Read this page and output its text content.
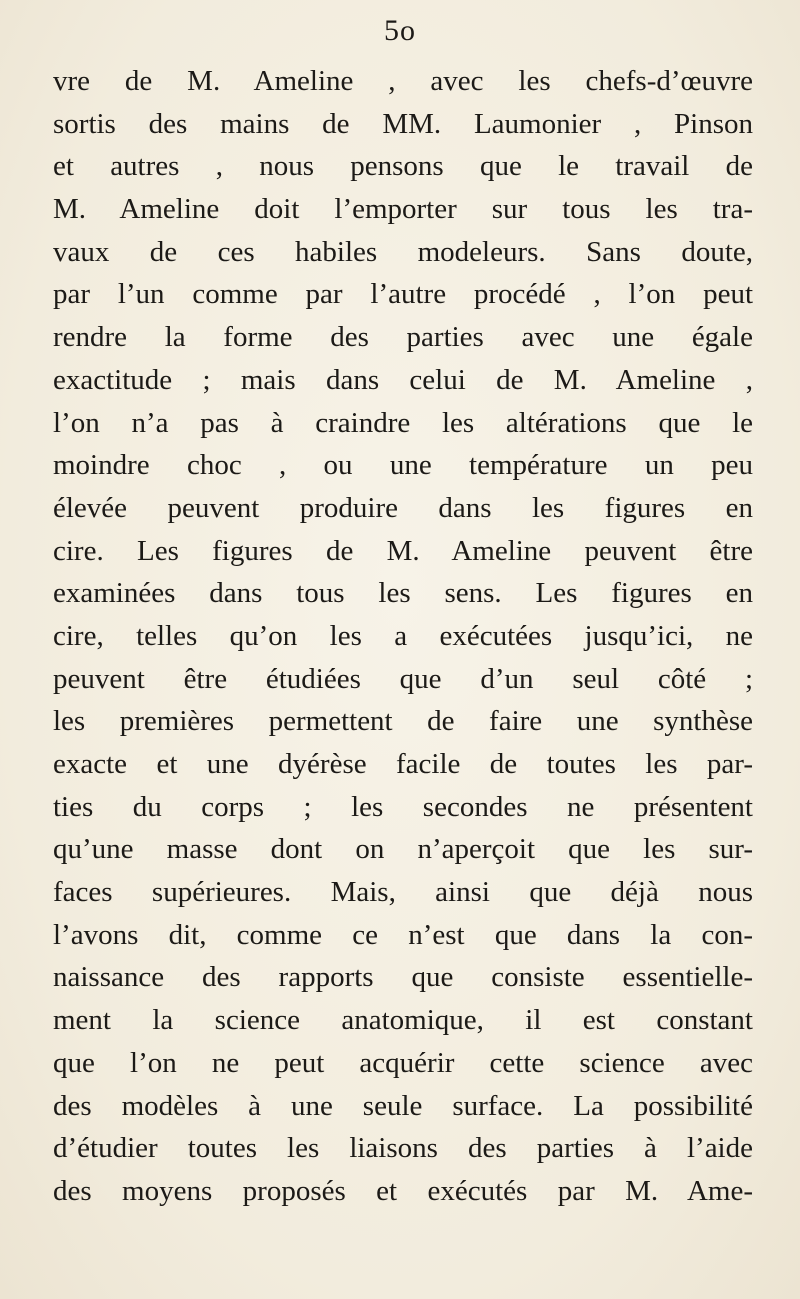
5o
vre de M. Ameline , avec les chefs-d’œuvre
sortis des mains de MM. Laumonier , Pinson
et autres , nous pensons que le travail de
M. Ameline doit l’emporter sur tous les tra-
vaux de ces habiles modeleurs. Sans doute,
par l’un comme par l’autre procédé , l’on peut
rendre la forme des parties avec une égale
exactitude ; mais dans celui de M. Ameline ,
l’on n’a pas à craindre les altérations que le
moindre choc , ou une température un peu
élevée peuvent produire dans les figures en
cire. Les figures de M. Ameline peuvent être
examinées dans tous les sens. Les figures en
cire, telles qu’on les a exécutées jusqu’ici, ne
peuvent être étudiées que d’un seul côté ;
les premières permettent de faire une synthèse
exacte et une dyérèse facile de toutes les par-
ties du corps ; les secondes ne présentent
qu’une masse dont on n’aperçoit que les sur-
faces supérieures. Mais, ainsi que déjà nous
l’avons dit, comme ce n’est que dans la con-
naissance des rapports que consiste essentielle-
ment la science anatomique, il est constant
que l’on ne peut acquérir cette science avec
des modèles à une seule surface. La possibilité
d’étudier toutes les liaisons des parties à l’aide
des moyens proposés et exécutés par M. Ame-
